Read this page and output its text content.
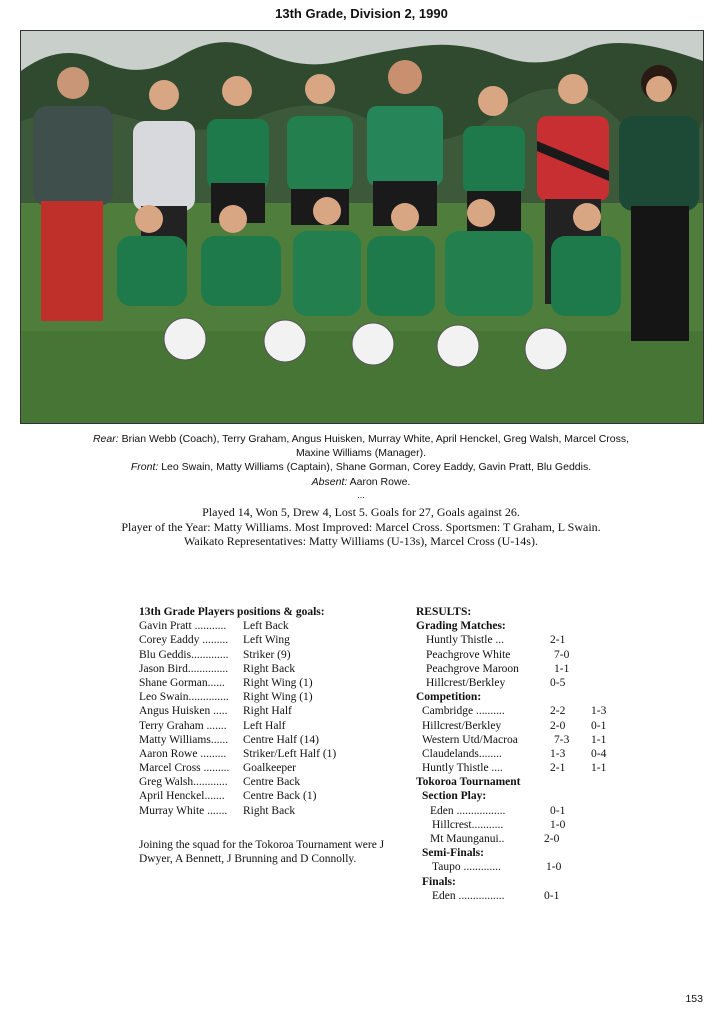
13th Grade, Division 2, 1990
Rear: Brian Webb (Coach), Terry Graham, Angus Huisken, Murray White, April Henckel, Greg Walsh, Marcel Cross,
Maxine Williams (Manager).
Front: Leo Swain, Matty Williams (Captain), Shane Gorman, Corey Eaddy, Gavin Pratt, Blu Geddis.
Absent: Aaron Rowe.
...
Played 14, Won 5, Drew 4, Lost 5. Goals for 27, Goals against 26.
Player of the Year: Matty Williams. Most Improved: Marcel Cross. Sportsmen: T Graham, L Swain.
Waikato Representatives: Matty Williams (U-13s), Marcel Cross (U-14s).
13th Grade Players positions & goals:
Gavin Pratt ........... Left Back
Corey Eaddy ......... Left Wing
Blu Geddis............. Striker (9)
Jason Bird.............. Right Back
Shane Gorman...... Right Wing (1)
Leo Swain.............. Right Wing (1)
Angus Huisken ..... Right Half
Terry Graham ....... Left Half
Matty Williams...... Centre Half (14)
Aaron Rowe ......... Striker/Left Half (1)
Marcel Cross ......... Goalkeeper
Greg Walsh............ Centre Back
April Henckel....... Centre Back (1)
Murray White ....... Right Back
Joining the squad for the Tokoroa Tournament were J Dwyer, A Bennett, J Brunning and D Connolly.
RESULTS:
Grading Matches:
Huntly Thistle ...	2-1
Peachgrove White	7-0
Peachgrove Maroon	1-1
Hillcrest/Berkley	0-5
Competition:
Cambridge ..........	2-2 1-3
Hillcrest/Berkley	2-0 0-1
Western Utd/Macroa	7-3 1-1
Claudelands........	1-3 0-4
Huntly Thistle ....	2-1 1-1
Tokoroa Tournament
Section Play:
Eden .................	0-1
Hillcrest...........	1-0
Mt Maunganui..	2-0
Semi-Finals:
Taupo .............	1-0
Finals:
Eden ................	0-1
153
